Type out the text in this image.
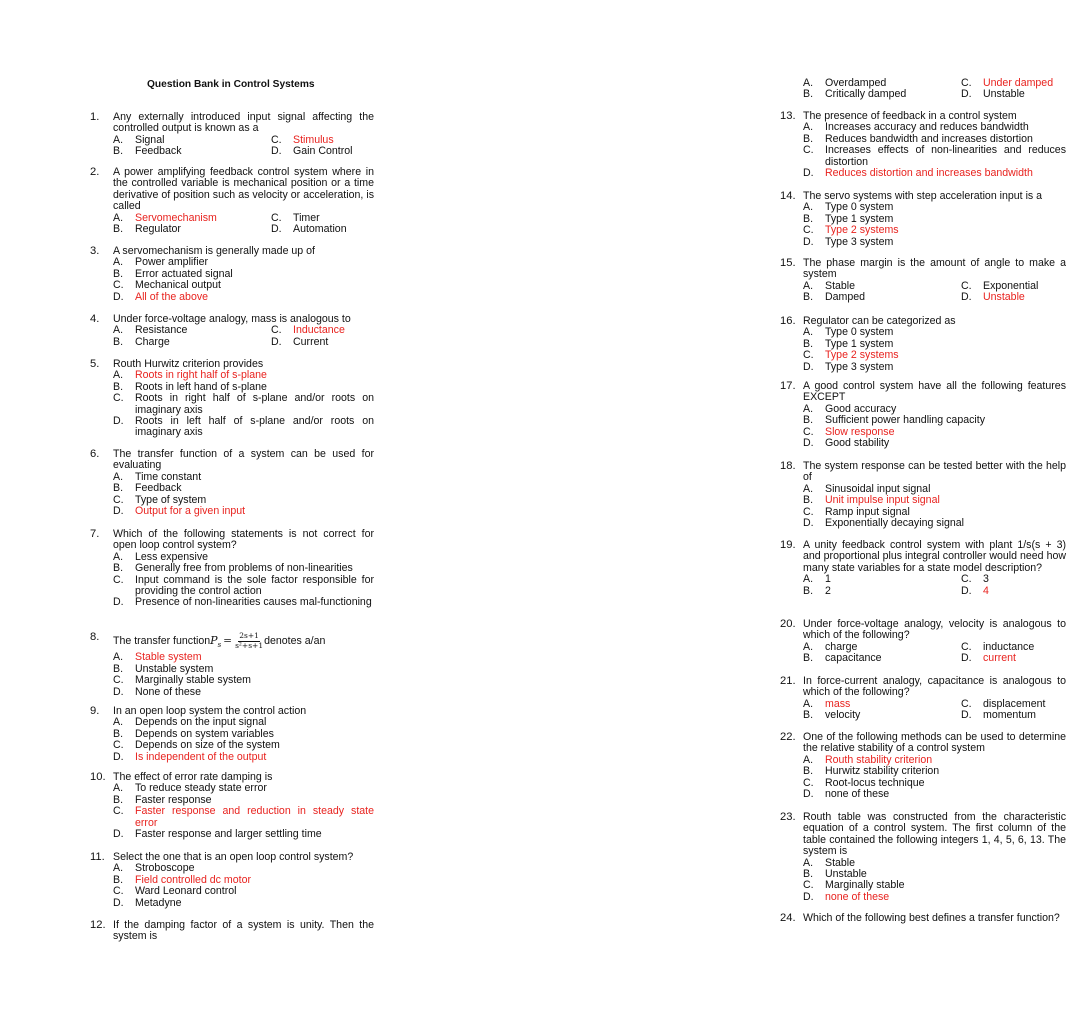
Question Bank in Control Systems
1. Any externally introduced input signal affecting the controlled output is known as a
A. Signal	C. Stimulus
B. Feedback	D. Gain Control
2. A power amplifying feedback control system where in the controlled variable is mechanical position or a time derivative of position such as velocity or acceleration, is called
A. Servomechanism	C. Timer
B. Regulator	D. Automation
3. A servomechanism is generally made up of
A. Power amplifier
B. Error actuated signal
C. Mechanical output
D. All of the above
4. Under force-voltage analogy, mass is analogous to
A. Resistance	C. Inductance
B. Charge	D. Current
5. Routh Hurwitz criterion provides
A. Roots in right half of s-plane
B. Roots in left hand of s-plane
C. Roots in right half of s-plane and/or roots on imaginary axis
D. Roots in left half of s-plane and/or roots on imaginary axis
6. The transfer function of a system can be used for evaluating
A. Time constant
B. Feedback
C. Type of system
D. Output for a given input
7. Which of the following statements is not correct for open loop control system?
A. Less expensive
B. Generally free from problems of non-linearities
C. Input command is the sole factor responsible for providing the control action
D. Presence of non-linearities causes mal-functioning
8. The transfer functionP$_s$ = $\frac{2s+1}{\text{s²+s+1}}$ denotes a/an
A. Stable system
B. Unstable system
C. Marginally stable system
D. None of these
9. In an open loop system the control action
A. Depends on the input signal
B. Depends on system variables
C. Depends on size of the system
D. Is independent of the output
10. The effect of error rate damping is
A. To reduce steady state error
B. Faster response
C. Faster response and reduction in steady state error
D. Faster response and larger settling time
11. Select the one that is an open loop control system?
A. Stroboscope
B. Field controlled dc motor
C. Ward Leonard control
D. Metadyne
12. If the damping factor of a system is unity. Then the system is
A. Overdamped	C. Under damped
B. Critically damped	D. Unstable
13. The presence of feedback in a control system
A. Increases accuracy and reduces bandwidth
B. Reduces bandwidth and increases distortion
C. Increases effects of non-linearities and reduces distortion
D. Reduces distortion and increases bandwidth
14. The servo systems with step acceleration input is a
A. Type 0 system
B. Type 1 system
C. Type 2 systems
D. Type 3 system
15. The phase margin is the amount of angle to make a system
A. Stable	C. Exponential
B. Damped	D. Unstable
16. Regulator can be categorized as
A. Type 0 system
B. Type 1 system
C. Type 2 systems
D. Type 3 system
17. A good control system have all the following features EXCEPT
A. Good accuracy
B. Sufficient power handling capacity
C. Slow response
D. Good stability
18. The system response can be tested better with the help of
A. Sinusoidal input signal
B. Unit impulse input signal
C. Ramp input signal
D. Exponentially decaying signal
19. A unity feedback control system with plant 1/s(s + 3) and proportional plus integral controller would need how many state variables for a state model description?
A. 1	C. 3
B. 2	D. 4
20. Under force-voltage analogy, velocity is analogous to which of the following?
A. charge	C. inductance
B. capacitance	D. current
21. In force-current analogy, capacitance is analogous to which of the following?
A. mass	C. displacement
B. velocity	D. momentum
22. One of the following methods can be used to determine the relative stability of a control system
A. Routh stability criterion
B. Hurwitz stability criterion
C. Root-locus technique
D. none of these
23. Routh table was constructed from the characteristic equation of a control system. The first column of the table contained the following integers 1, 4, 5, 6, 13. The system is
A. Stable
B. Unstable
C. Marginally stable
D. none of these
24. Which of the following best defines a transfer function?
